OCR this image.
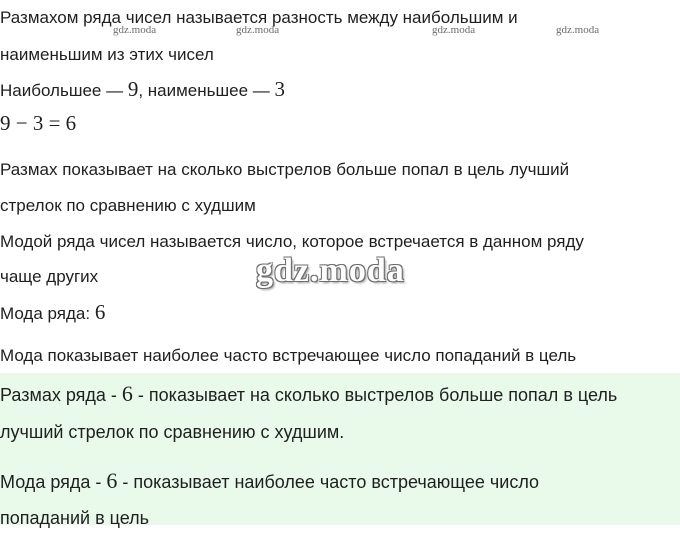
gdz.moda	gdz.moda	gdz.moda	gdz.moda
Размахом ряда чисел называется разность между наибольшим и
наименьшим из этих чисел
Наибольшее — 9, наименьшее — 3
9 − 3 = 6
Размах показывает на сколько выстрелов больше попал в цель лучший
стрелок по сравнению с худшим
Модой ряда чисел называется число, которое встречается в данном ряду
чаще других
Мода ряда: 6
Мода показывает наиболее часто встречающее число попаданий в цель
gdz.moda
Размах ряда - 6 - показывает на сколько выстрелов больше попал в цель
лучший стрелок по сравнению с худшим.
Мода ряда - 6 - показывает наиболее часто встречающее число
попаданий в цель
